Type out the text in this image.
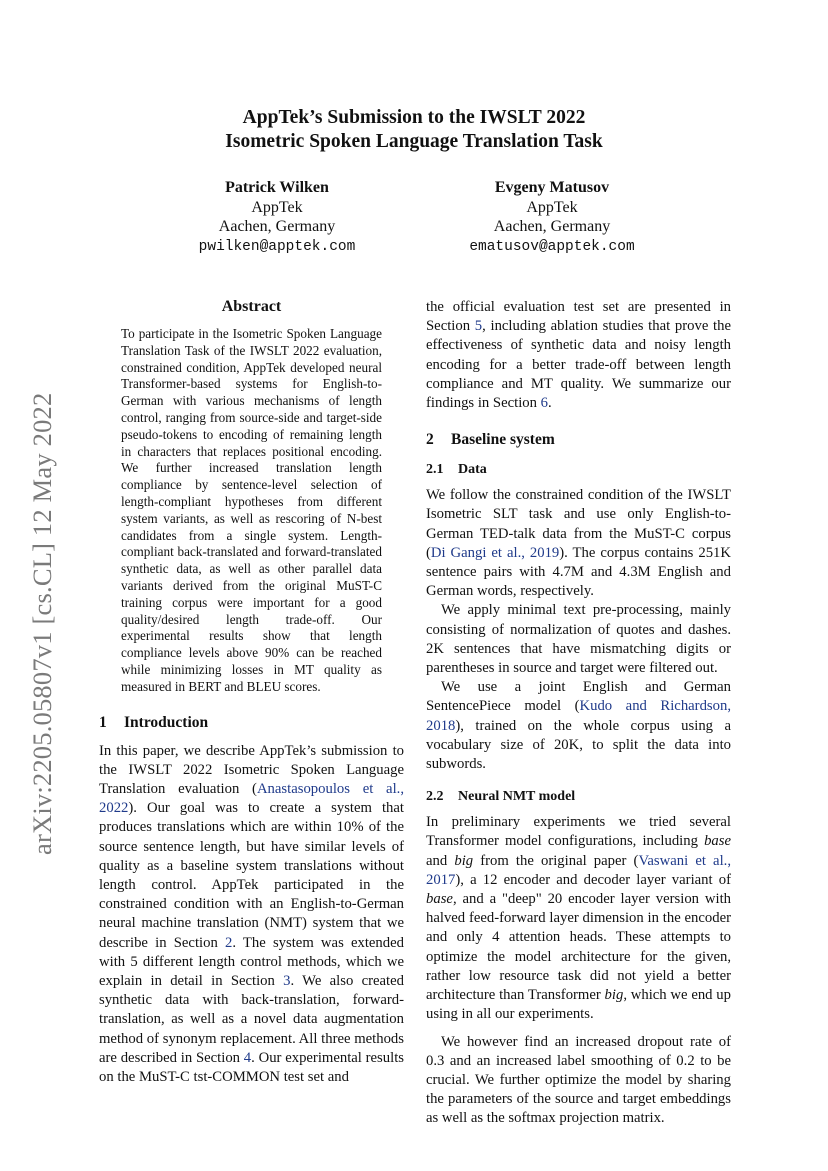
arXiv:2205.05807v1 [cs.CL] 12 May 2022
AppTek’s Submission to the IWSLT 2022
Isometric Spoken Language Translation Task
Patrick Wilken
AppTek
Aachen, Germany
pwilken@apptek.com
Evgeny Matusov
AppTek
Aachen, Germany
ematusov@apptek.com
Abstract
To participate in the Isometric Spoken Language Translation Task of the IWSLT 2022 evaluation, constrained condition, AppTek developed neural Transformer-based systems for English-to-German with various mechanisms of length control, ranging from source-side and target-side pseudo-tokens to encoding of remaining length in characters that replaces positional encoding. We further increased translation length compliance by sentence-level selection of length-compliant hypotheses from different system variants, as well as rescoring of N-best candidates from a single system. Length-compliant back-translated and forward-translated synthetic data, as well as other parallel data variants derived from the original MuST-C training corpus were important for a good quality/desired length trade-off. Our experimental results show that length compliance levels above 90% can be reached while minimizing losses in MT quality as measured in BERT and BLEU scores.
1 Introduction

In this paper, we describe AppTek’s submission to the IWSLT 2022 Isometric Spoken Language Translation evaluation (Anastasopoulos et al., 2022). Our goal was to create a system that produces translations which are within 10% of the source sentence length, but have similar levels of quality as a baseline system translations without length control. AppTek participated in the constrained condition with an English-to-German neural machine translation (NMT) system that we describe in Section 2. The system was extended with 5 different length control methods, which we explain in detail in Section 3. We also created synthetic data with back-translation, forward-translation, as well as a novel data augmentation method of synonym replacement. All three methods are described in Section 4. Our experimental results on the MuST-C tst-COMMON test set and

the official evaluation test set are presented in Section 5, including ablation studies that prove the effectiveness of synthetic data and noisy length encoding for a better trade-off between length compliance and MT quality. We summarize our findings in Section 6.

2 Baseline system
2.1 Data

We follow the constrained condition of the IWSLT Isometric SLT task and use only English-to-German TED-talk data from the MuST-C corpus (Di Gangi et al., 2019). The corpus contains 251K sentence pairs with 4.7M and 4.3M English and German words, respectively.

We apply minimal text pre-processing, mainly consisting of normalization of quotes and dashes. 2K sentences that have mismatching digits or parentheses in source and target were filtered out.

We use a joint English and German SentencePiece model (Kudo and Richardson, 2018), trained on the whole corpus using a vocabulary size of 20K, to split the data into subwords.

2.2 Neural NMT model

In preliminary experiments we tried several Transformer model configurations, including base and big from the original paper (Vaswani et al., 2017), a 12 encoder and decoder layer variant of base, and a "deep" 20 encoder layer version with halved feed-forward layer dimension in the encoder and only 4 attention heads. These attempts to optimize the model architecture for the given, rather low resource task did not yield a better architecture than Transformer big, which we end up using in all our experiments.

We however find an increased dropout rate of 0.3 and an increased label smoothing of 0.2 to be crucial. We further optimize the model by sharing the parameters of the source and target embeddings as well as the softmax projection matrix.
